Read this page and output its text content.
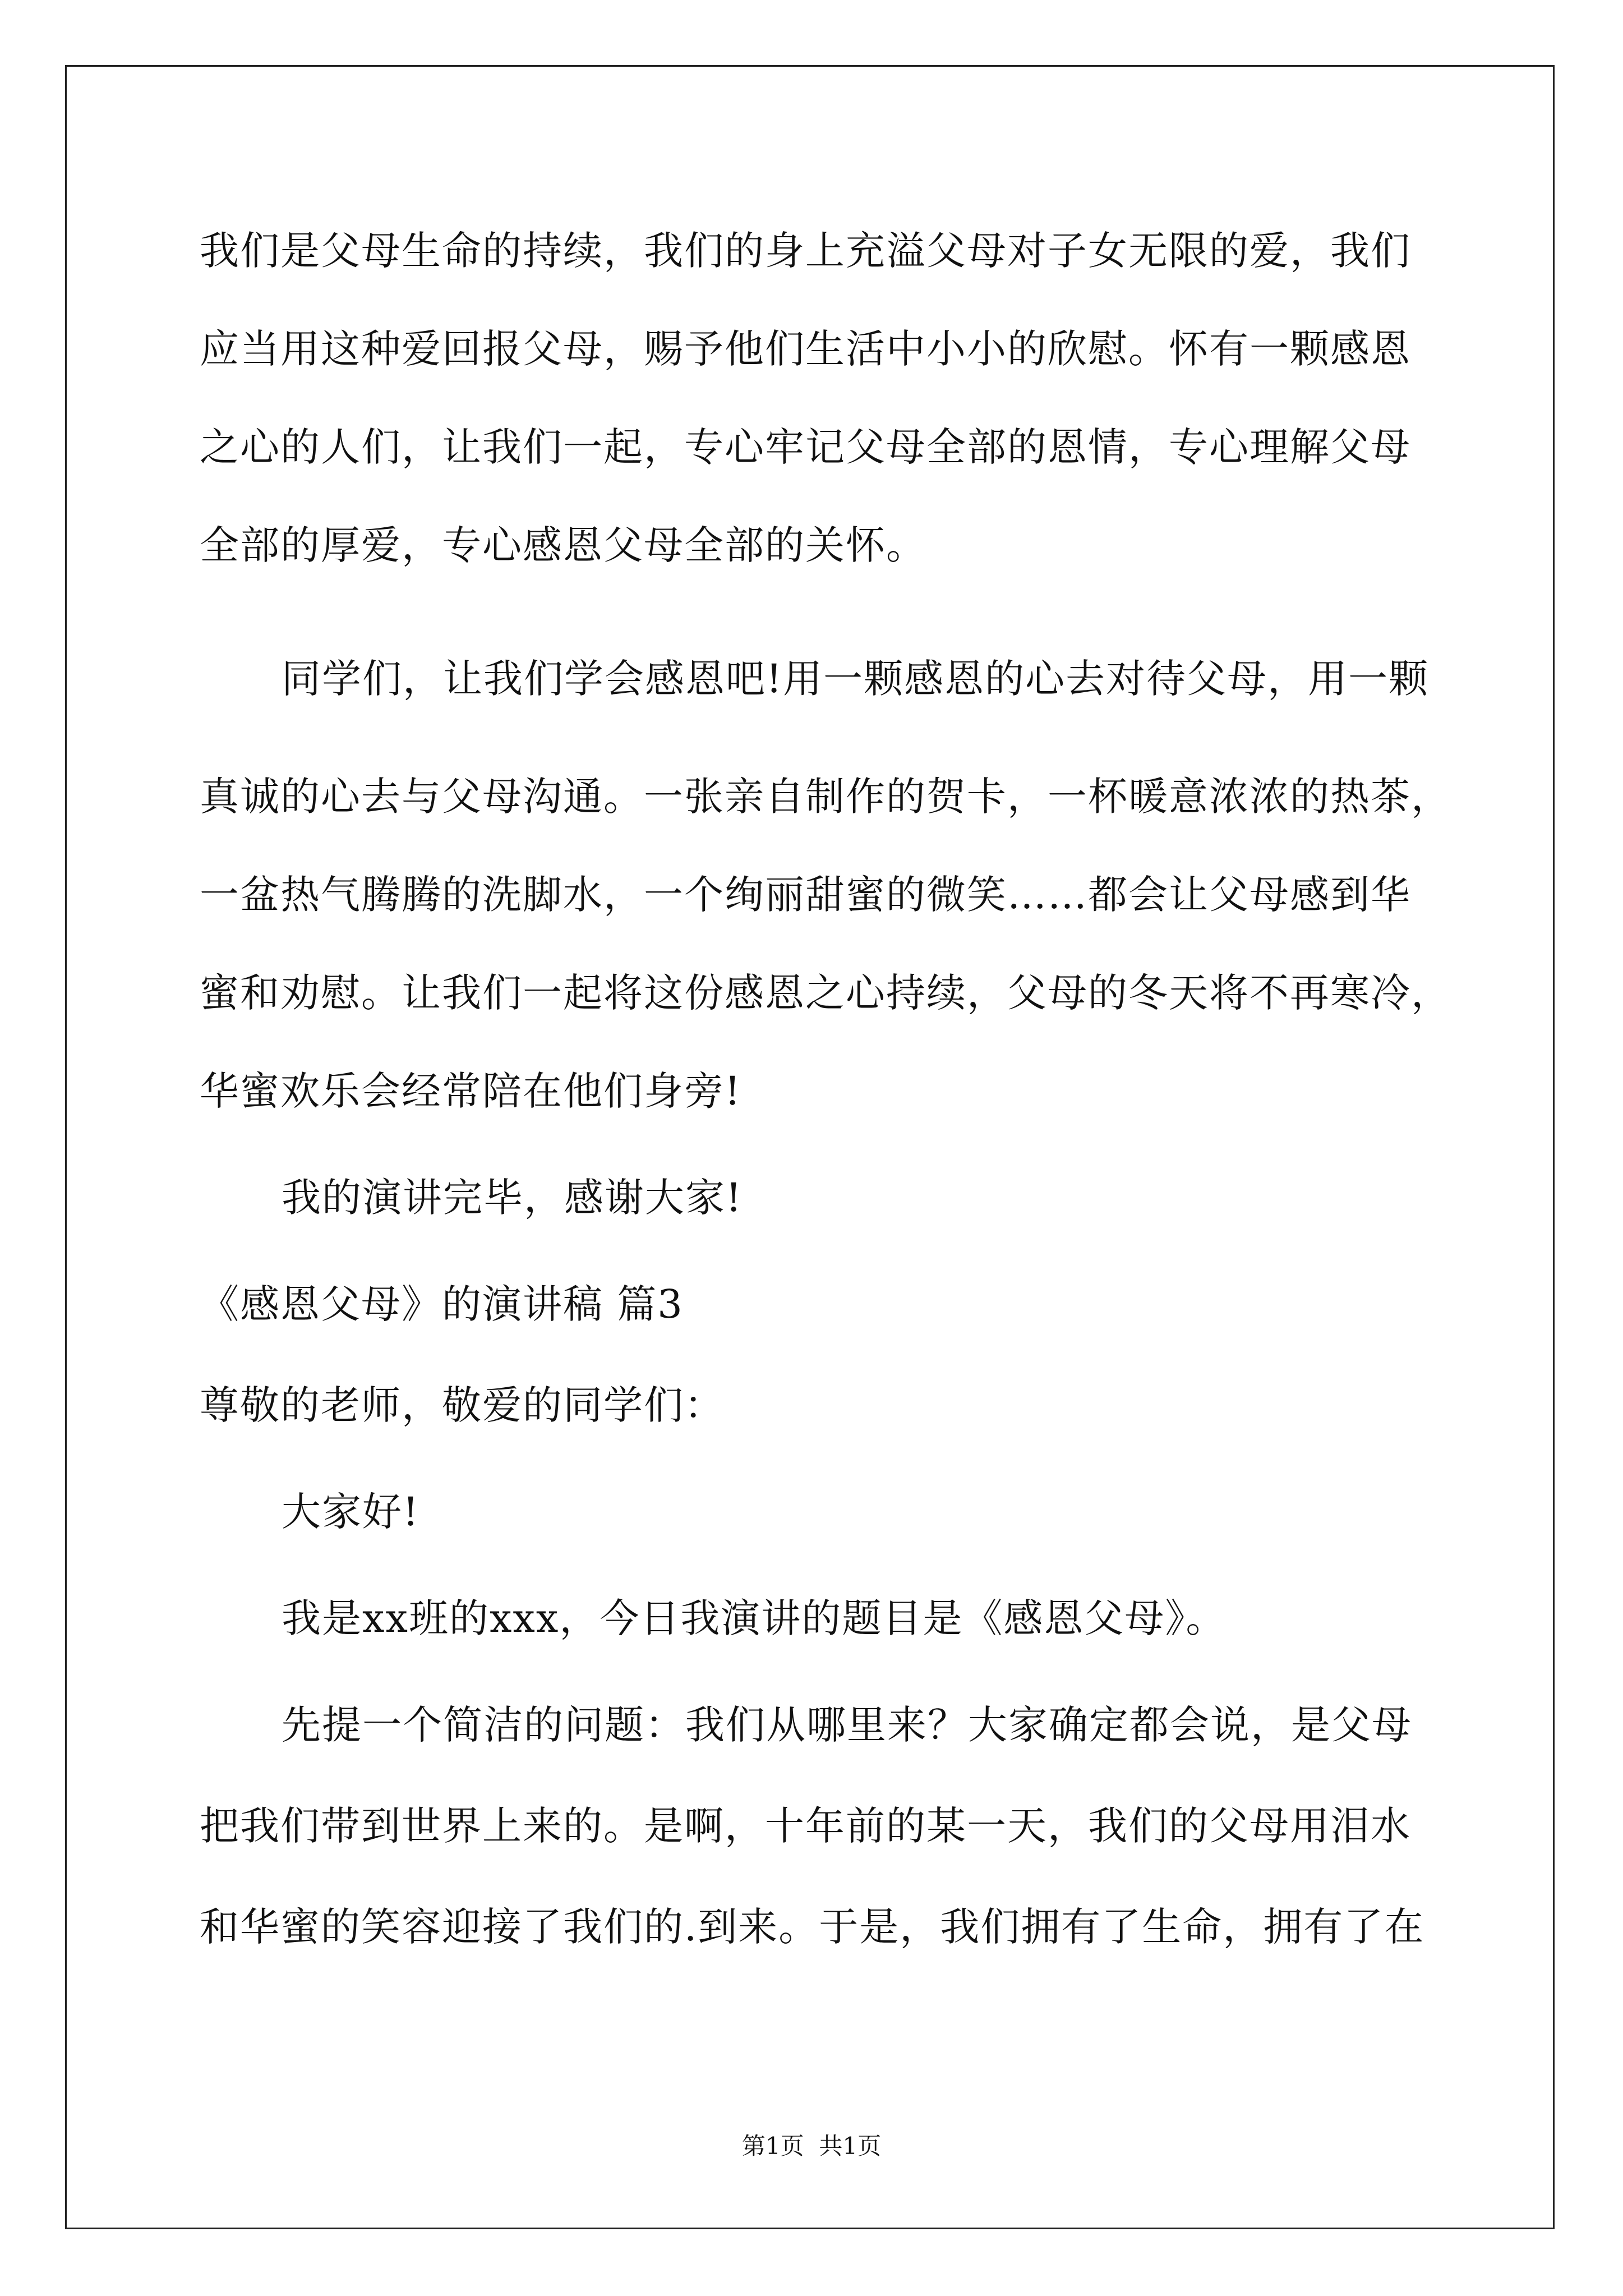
我们是父母生命的持续，我们的身上充溢父母对子女无限的爱，我们
应当用这种爱回报父母，赐予他们生活中小小的欣慰。怀有一颗感恩
之心的人们，让我们一起，专心牢记父母全部的恩情，专心理解父母
全部的厚爱，专心感恩父母全部的关怀。
同学们，让我们学会感恩吧!用一颗感恩的心去对待父母，用一颗
真诚的心去与父母沟通。一张亲自制作的贺卡，一杯暖意浓浓的热茶，
一盆热气腾腾的洗脚水，一个绚丽甜蜜的微笑……都会让父母感到华
蜜和劝慰。让我们一起将这份感恩之心持续，父母的冬天将不再寒冷，
华蜜欢乐会经常陪在他们身旁!
我的演讲完毕，感谢大家!
《感恩父母》的演讲稿 篇3
尊敬的老师，敬爱的同学们：
大家好!
我是xx班的xxx，今日我演讲的题目是《感恩父母》。
先提一个简洁的问题：我们从哪里来？大家确定都会说，是父母
把我们带到世界上来的。是啊，十年前的某一天，我们的父母用泪水
和华蜜的笑容迎接了我们的.到来。于是，我们拥有了生命，拥有了在
第1页  共1页
